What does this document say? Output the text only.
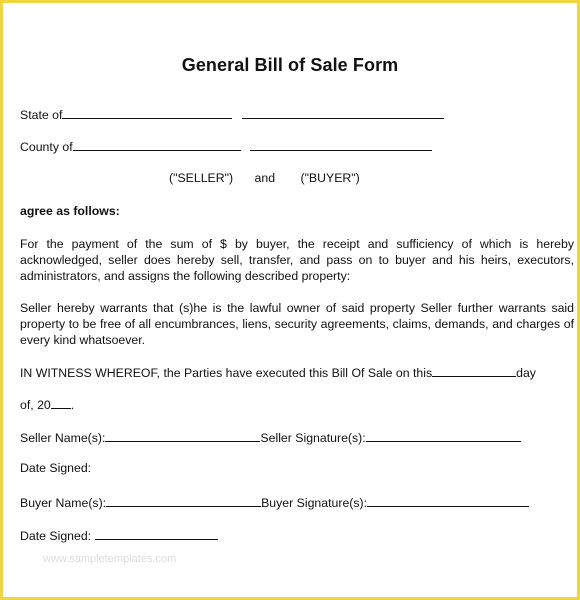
General Bill of Sale Form
State of
County of
("SELLER") and ("BUYER")
agree as follows:
For the payment of the sum of $ by buyer, the receipt and sufficiency of which is hereby acknowledged, seller does hereby sell, transfer, and pass on to buyer and his heirs, executors, administrators, and assigns the following described property:
Seller hereby warrants that (s)he is the lawful owner of said property Seller further warrants said property to be free of all encumbrances, liens, security agreements, claims, demands, and charges of every kind whatsoever.
IN WITNESS WHEREOF, the Parties have executed this Bill Of Sale on this	day
of, 20 .
Seller Name(s):	Seller Signature(s):
Date Signed:
Buyer Name(s):	Buyer Signature(s):
Date Signed:
www.sampletemplates.com
